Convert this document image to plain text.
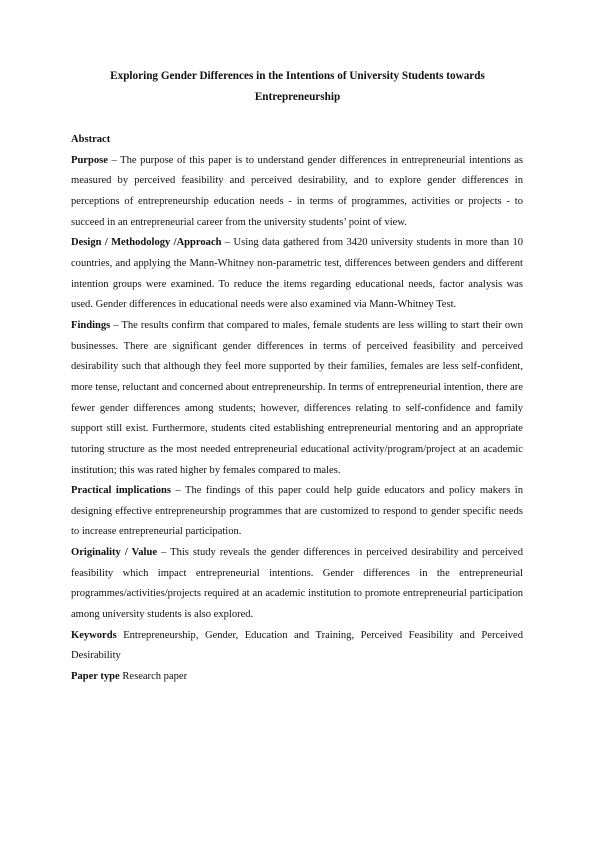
Exploring Gender Differences in the Intentions of University Students towards
Entrepreneurship

Abstract

Purpose – The purpose of this paper is to understand gender differences in entrepreneurial intentions as measured by perceived feasibility and perceived desirability, and to explore gender differences in perceptions of entrepreneurship education needs - in terms of programmes, activities or projects - to succeed in an entrepreneurial career from the university students’ point of view.

Design / Methodology /Approach – Using data gathered from 3420 university students in more than 10 countries, and applying the Mann-Whitney non-parametric test, differences between genders and different intention groups were examined. To reduce the items regarding educational needs, factor analysis was used. Gender differences in educational needs were also examined via Mann-Whitney Test.

Findings – The results confirm that compared to males, female students are less willing to start their own businesses. There are significant gender differences in terms of perceived feasibility and perceived desirability such that although they feel more supported by their families, females are less self-confident, more tense, reluctant and concerned about entrepreneurship. In terms of entrepreneurial intention, there are fewer gender differences among students; however, differences relating to self-confidence and family support still exist. Furthermore, students cited establishing entrepreneurial mentoring and an appropriate tutoring structure as the most needed entrepreneurial educational activity/program/project at an academic institution; this was rated higher by females compared to males.

Practical implications – The findings of this paper could help guide educators and policy makers in designing effective entrepreneurship programmes that are customized to respond to gender specific needs to increase entrepreneurial participation.

Originality / Value – This study reveals the gender differences in perceived desirability and perceived feasibility which impact entrepreneurial intentions. Gender differences in the entrepreneurial programmes/activities/projects required at an academic institution to promote entrepreneurial participation among university students is also explored.

Keywords Entrepreneurship, Gender, Education and Training, Perceived Feasibility and Perceived Desirability

Paper type Research paper
